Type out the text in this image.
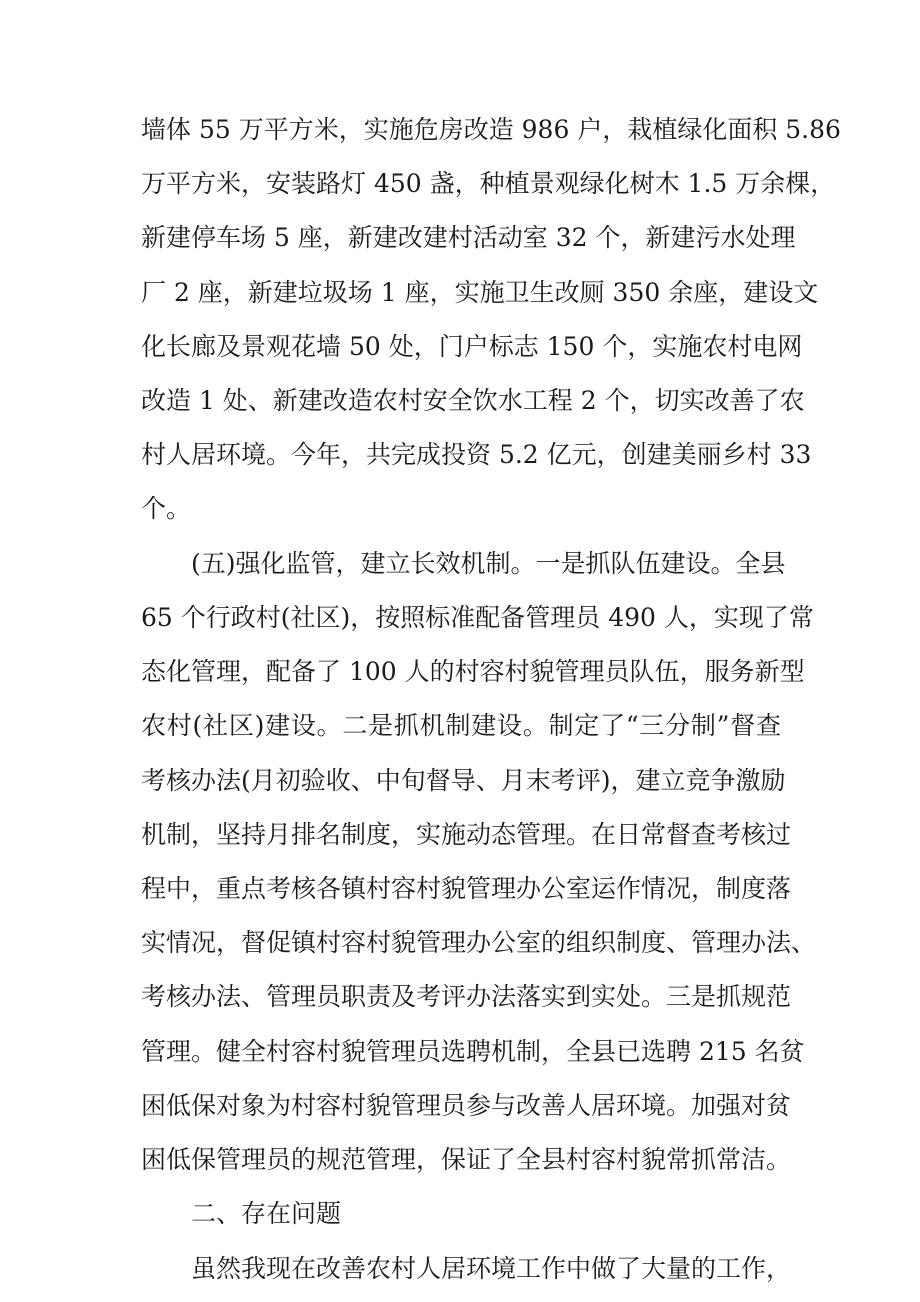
墙体 55 万平方米，实施危房改造 986 户，栽植绿化面积 5.86
万平方米，安装路灯 450 盏，种植景观绿化树木 1.5 万余棵，
新建停车场 5 座，新建改建村活动室 32 个，新建污水处理
厂 2 座，新建垃圾场 1 座，实施卫生改厕 350 余座，建设文
化长廊及景观花墙 50 处，门户标志 150 个，实施农村电网
改造 1 处、新建改造农村安全饮水工程 2 个，切实改善了农
村人居环境。今年，共完成投资 5.2 亿元，创建美丽乡村 33
个。
(五)强化监管，建立长效机制。一是抓队伍建设。全县
65 个行政村(社区)，按照标准配备管理员 490 人，实现了常
态化管理，配备了 100 人的村容村貌管理员队伍，服务新型
农村(社区)建设。二是抓机制建设。制定了“三分制”督查
考核办法(月初验收、中旬督导、月末考评)，建立竞争激励
机制，坚持月排名制度，实施动态管理。在日常督查考核过
程中，重点考核各镇村容村貌管理办公室运作情况，制度落
实情况，督促镇村容村貌管理办公室的组织制度、管理办法、
考核办法、管理员职责及考评办法落实到实处。三是抓规范
管理。健全村容村貌管理员选聘机制，全县已选聘 215 名贫
困低保对象为村容村貌管理员参与改善人居环境。加强对贫
困低保管理员的规范管理，保证了全县村容村貌常抓常洁。
二、存在问题
虽然我现在改善农村人居环境工作中做了大量的工作，
